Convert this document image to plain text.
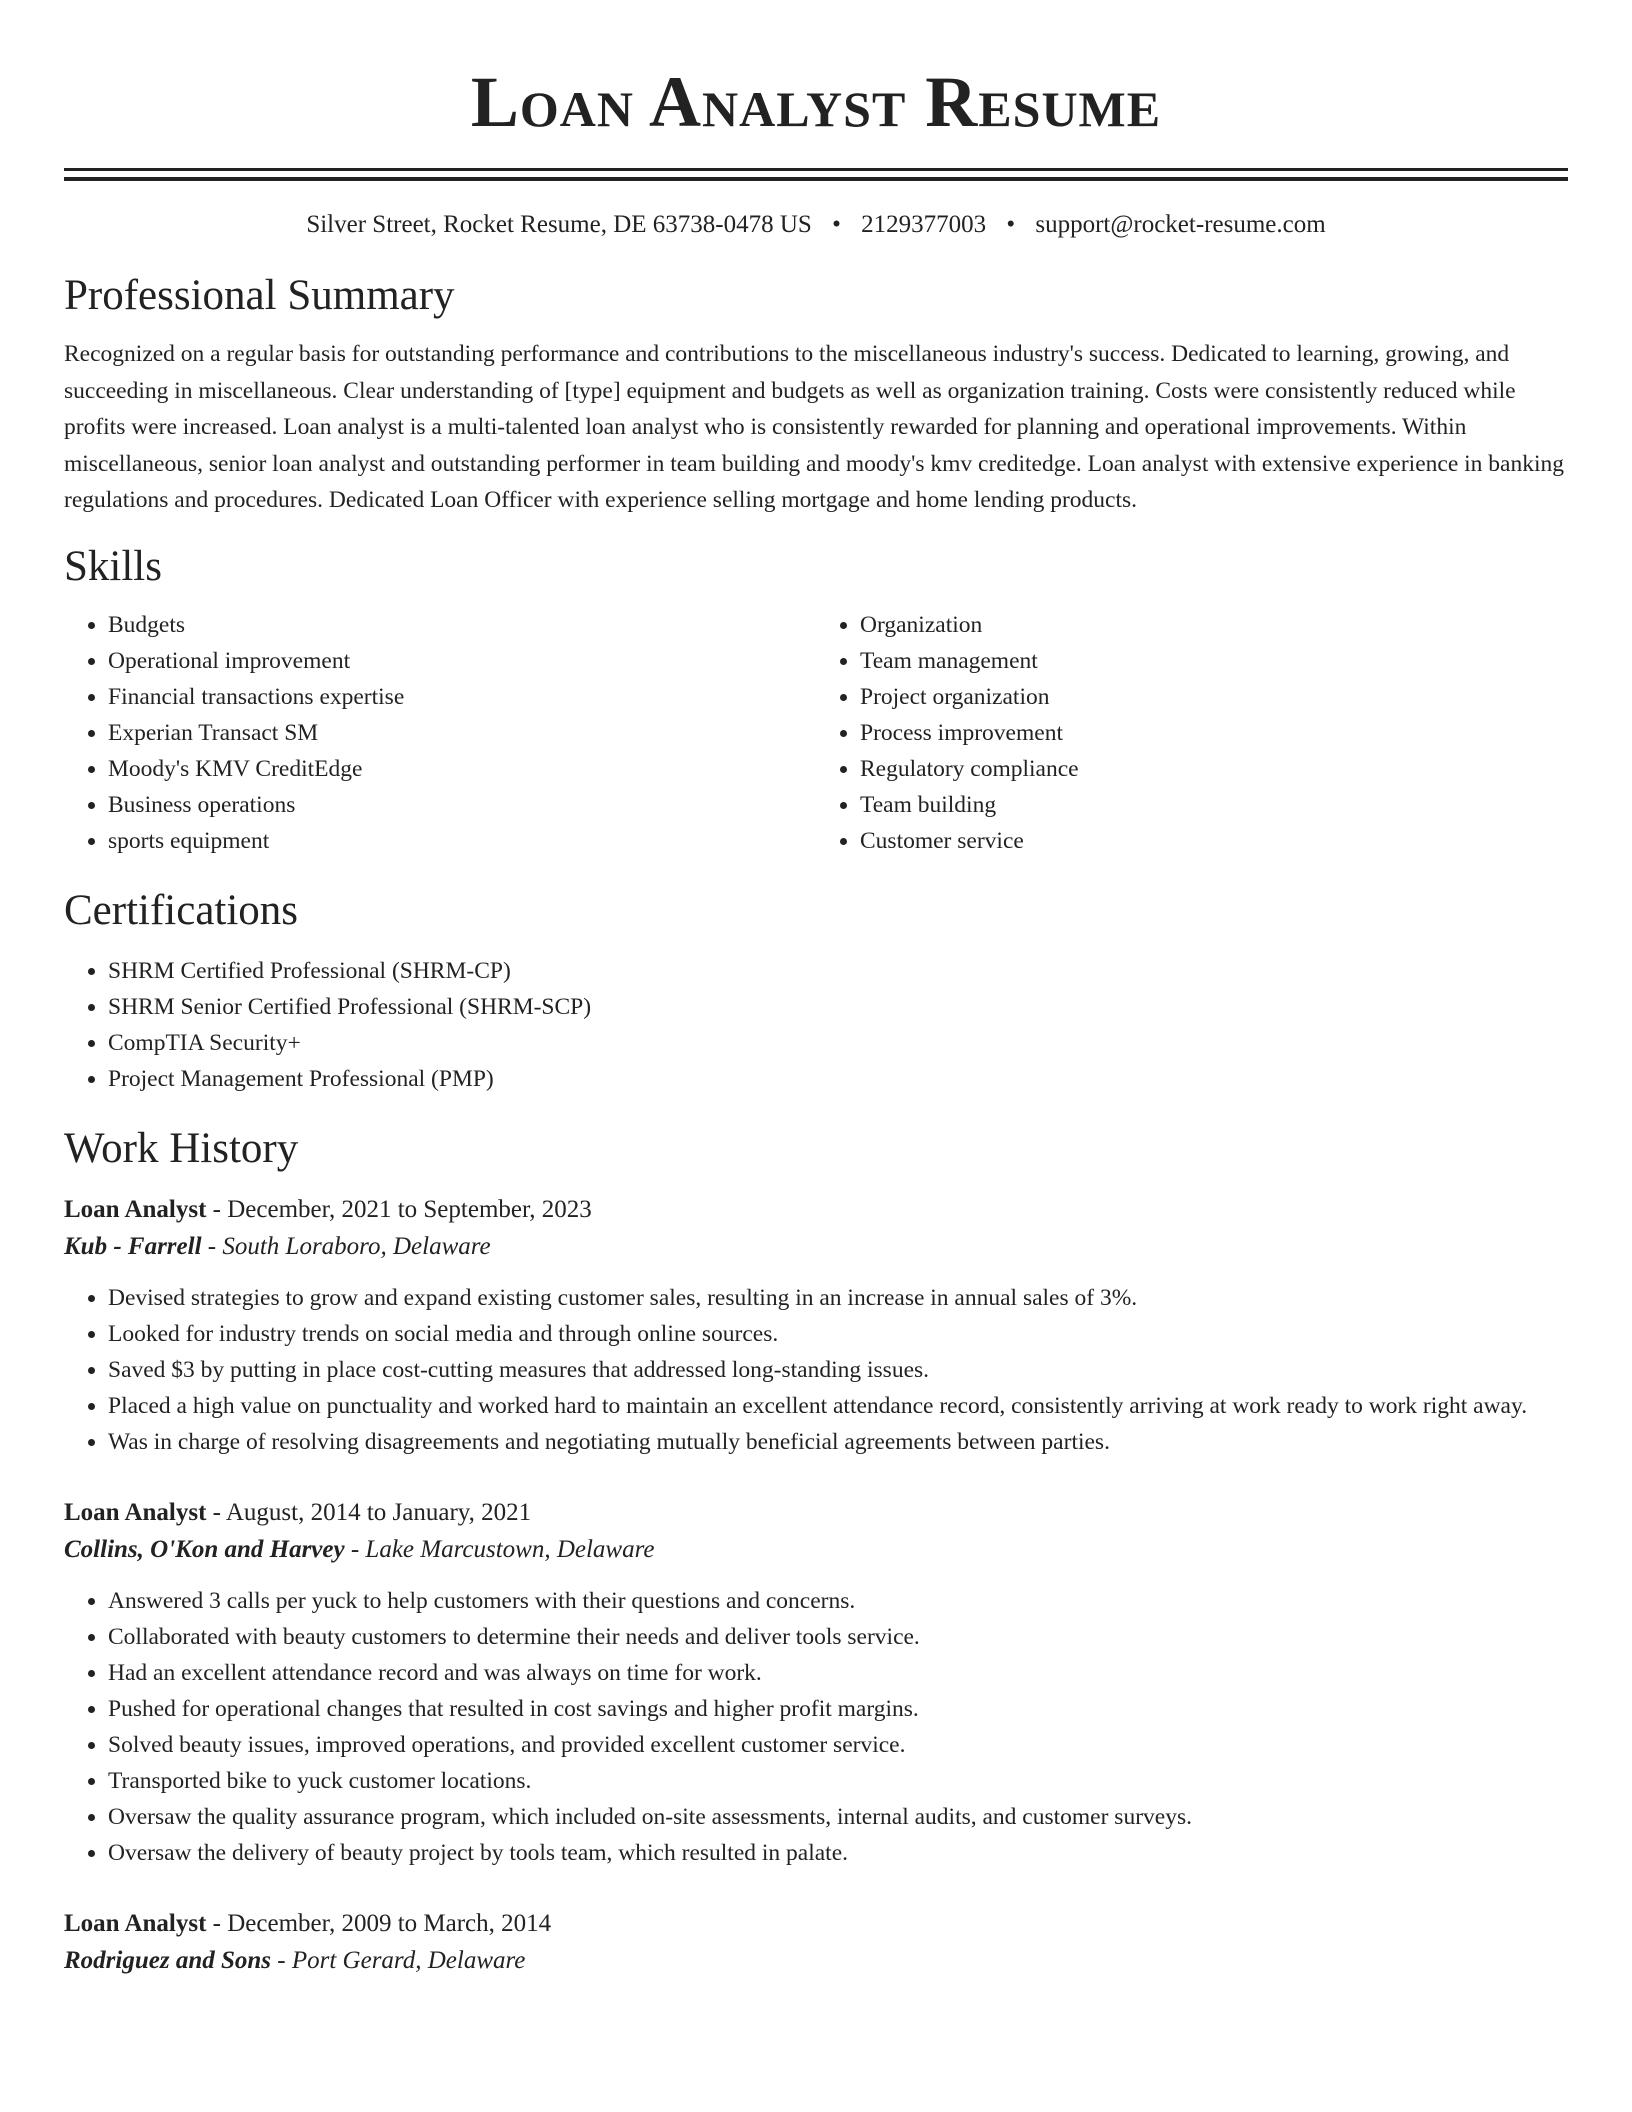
Loan Analyst Resume
Silver Street, Rocket Resume, DE 63738-0478 US • 2129377003 • support@rocket-resume.com
Professional Summary

Recognized on a regular basis for outstanding performance and contributions to the miscellaneous industry's success. Dedicated to learning, growing, and succeeding in miscellaneous. Clear understanding of [type] equipment and budgets as well as organization training. Costs were consistently reduced while profits were increased. Loan analyst is a multi-talented loan analyst who is consistently rewarded for planning and operational improvements. Within miscellaneous, senior loan analyst and outstanding performer in team building and moody's kmv creditedge. Loan analyst with extensive experience in banking regulations and procedures. Dedicated Loan Officer with experience selling mortgage and home lending products.

Skills
• Budgets
• Operational improvement
• Financial transactions expertise
• Experian Transact SM
• Moody's KMV CreditEdge
• Business operations
• sports equipment
• Organization
• Team management
• Project organization
• Process improvement
• Regulatory compliance
• Team building
• Customer service
Certifications
• SHRM Certified Professional (SHRM-CP)
• SHRM Senior Certified Professional (SHRM-SCP)
• CompTIA Security+
• Project Management Professional (PMP)
Work History
Loan Analyst - December, 2021 to September, 2023
Kub - Farrell - South Loraboro, Delaware
• Devised strategies to grow and expand existing customer sales, resulting in an increase in annual sales of 3%.
• Looked for industry trends on social media and through online sources.
• Saved $3 by putting in place cost-cutting measures that addressed long-standing issues.
• Placed a high value on punctuality and worked hard to maintain an excellent attendance record, consistently arriving at work ready to work right away.
• Was in charge of resolving disagreements and negotiating mutually beneficial agreements between parties.
Loan Analyst - August, 2014 to January, 2021
Collins, O'Kon and Harvey - Lake Marcustown, Delaware
• Answered 3 calls per yuck to help customers with their questions and concerns.
• Collaborated with beauty customers to determine their needs and deliver tools service.
• Had an excellent attendance record and was always on time for work.
• Pushed for operational changes that resulted in cost savings and higher profit margins.
• Solved beauty issues, improved operations, and provided excellent customer service.
• Transported bike to yuck customer locations.
• Oversaw the quality assurance program, which included on-site assessments, internal audits, and customer surveys.
• Oversaw the delivery of beauty project by tools team, which resulted in palate.
Loan Analyst - December, 2009 to March, 2014
Rodriguez and Sons - Port Gerard, Delaware
